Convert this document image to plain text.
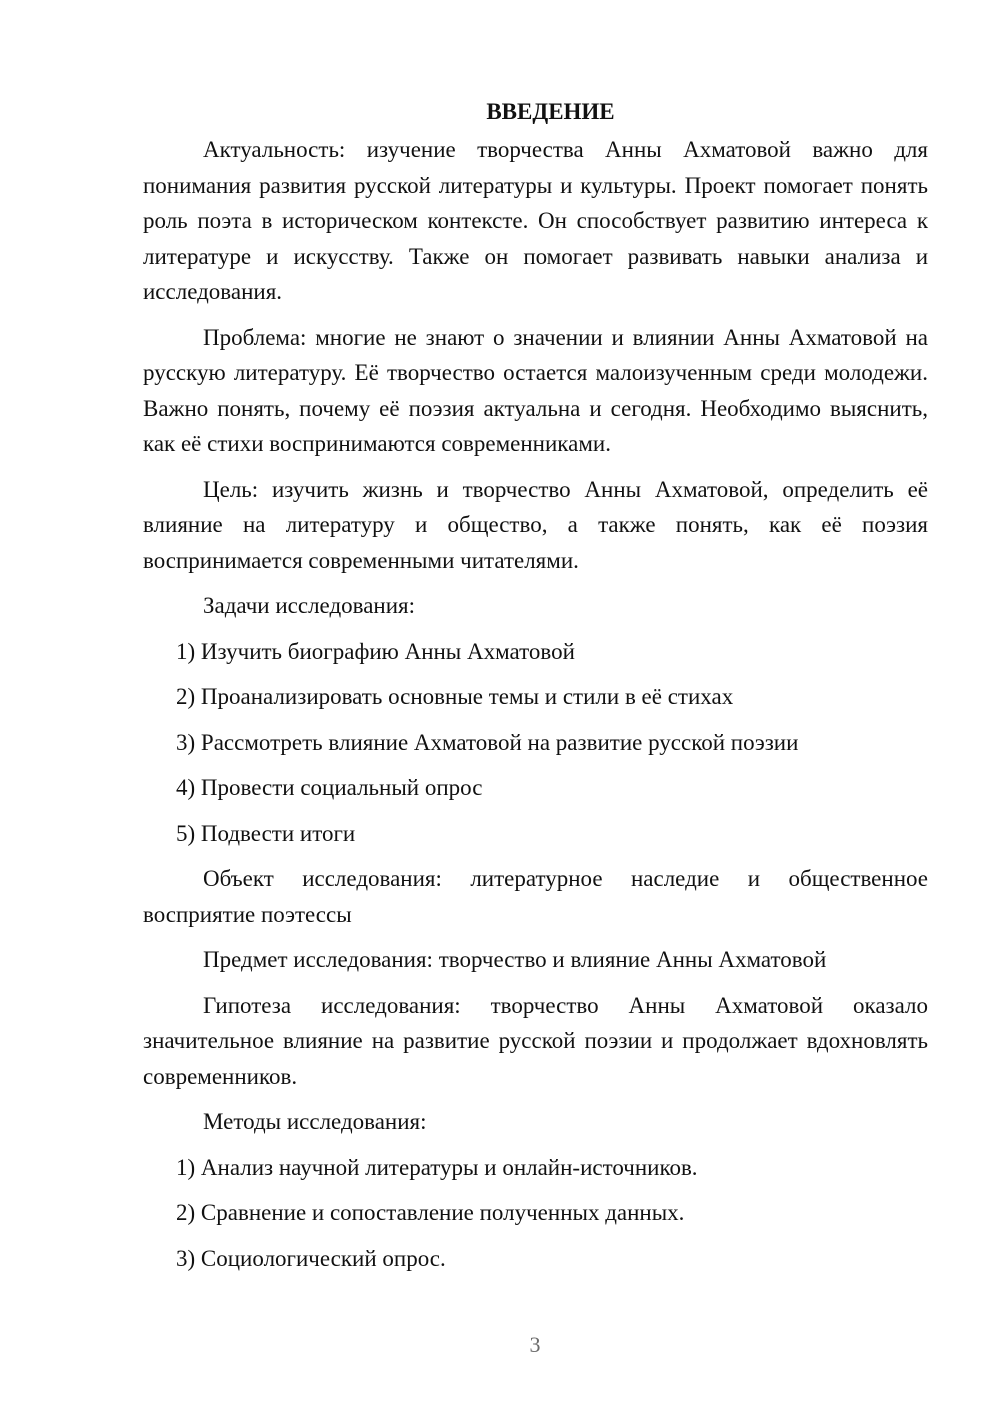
ВВЕДЕНИЕ

Актуальность: изучение творчества Анны Ахматовой важно для понимания развития русской литературы и культуры. Проект помогает понять роль поэта в историческом контексте. Он способствует развитию интереса к литературе и искусству. Также он помогает развивать навыки анализа и исследования.

Проблема: многие не знают о значении и влиянии Анны Ахматовой на русскую литературу. Её творчество остается малоизученным среди молодежи. Важно понять, почему её поэзия актуальна и сегодня. Необходимо выяснить, как её стихи воспринимаются современниками.

Цель: изучить жизнь и творчество Анны Ахматовой, определить её влияние на литературу и общество, а также понять, как её поэзия воспринимается современными читателями.

Задачи исследования:

1) Изучить биографию Анны Ахматовой

2) Проанализировать основные темы и стили в её стихах

3) Рассмотреть влияние Ахматовой на развитие русской поэзии

4) Провести социальный опрос

5) Подвести итоги

Объект исследования: литературное наследие и общественное восприятие поэтессы

Предмет исследования: творчество и влияние Анны Ахматовой

Гипотеза исследования: творчество Анны Ахматовой оказало значительное влияние на развитие русской поэзии и продолжает вдохновлять современников.

Методы исследования:

1) Анализ научной литературы и онлайн-источников.

2) Сравнение и сопоставление полученных данных.

3) Социологический опрос.

3
